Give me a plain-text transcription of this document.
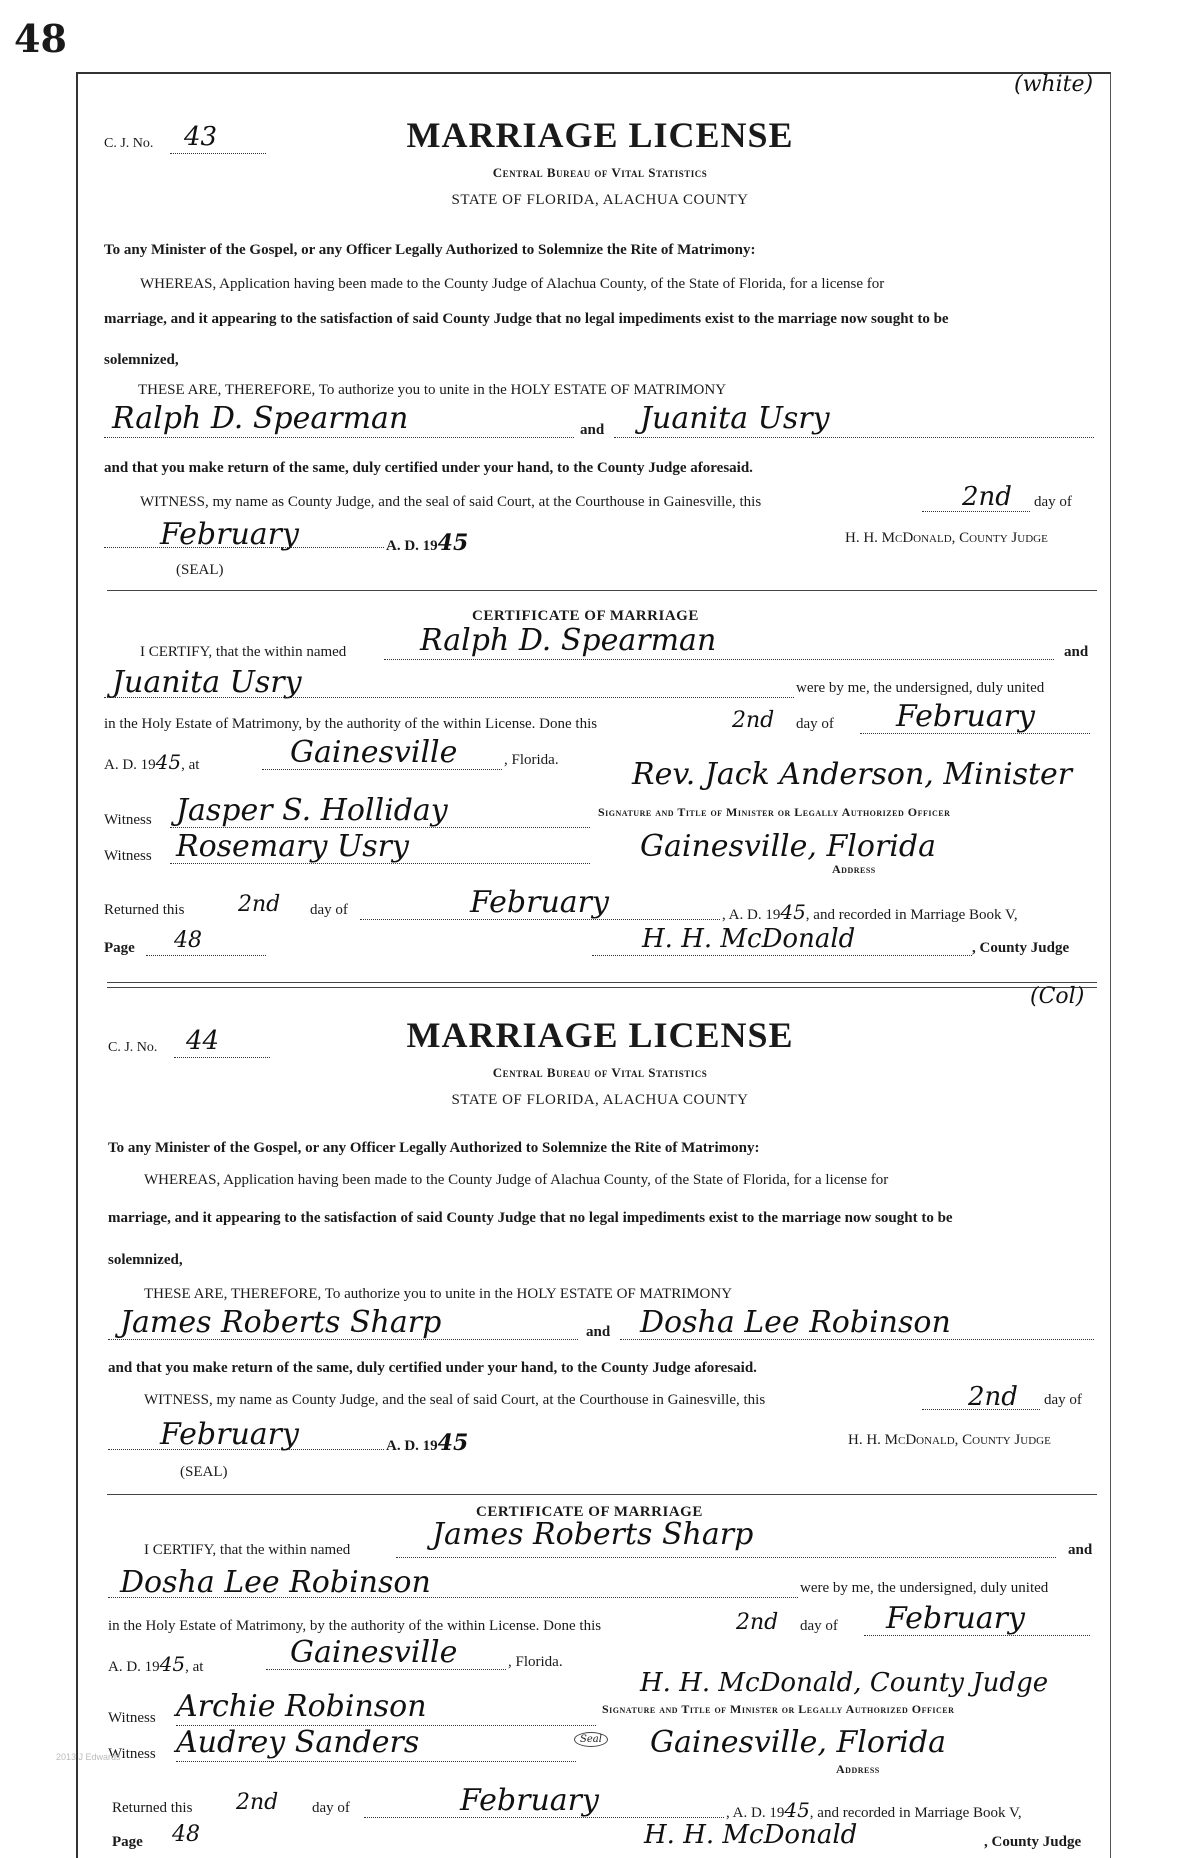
48
(white)
C. J. No. 43	MARRIAGE LICENSE
Central Bureau of Vital Statistics
STATE OF FLORIDA, ALACHUA COUNTY
To any Minister of the Gospel, or any Officer Legally Authorized to Solemnize the Rite of Matrimony:
WHEREAS, Application having been made to the County Judge of Alachua County, of the State of Florida, for a license for
marriage, and it appearing to the satisfaction of said County Judge that no legal impediments exist to the marriage now sought to be
solemnized,
THESE ARE, THEREFORE, To authorize you to unite in the HOLY ESTATE OF MATRIMONY
Ralph D. Spearman	and Juanita Usry
and that you make return of the same, duly certified under your hand, to the County Judge aforesaid.
WITNESS, my name as County Judge, and the seal of said Court, at the Courthouse in Gainesville, this	2nd day of
February	A. D. 1945	H. H. McDonald, County Judge
(SEAL)
CERTIFICATE OF MARRIAGE
I CERTIFY, that the within named Ralph D. Spearman	and
Juanita Usry	were by me, the undersigned, duly united
in the Holy Estate of Matrimony, by the authority of the within License. Done this	2nd day of February
A. D. 1945, at	Gainesville	, Florida. Rev. Jack Anderson, Minister
Witness Jasper S. Holliday	Signature and Title of Minister or Legally Authorized Officer
Witness Rosemary Usry	Gainesville, Florida
Address
Returned this 2nd day of	February	, A. D. 1945, and recorded in Marriage Book V,
Page 48	H. H. McDonald	, County Judge
(Col)
C. J. No. 44	MARRIAGE LICENSE
Central Bureau of Vital Statistics
STATE OF FLORIDA, ALACHUA COUNTY
To any Minister of the Gospel, or any Officer Legally Authorized to Solemnize the Rite of Matrimony:
WHEREAS, Application having been made to the County Judge of Alachua County, of the State of Florida, for a license for
marriage, and it appearing to the satisfaction of said County Judge that no legal impediments exist to the marriage now sought to be
solemnized,
THESE ARE, THEREFORE, To authorize you to unite in the HOLY ESTATE OF MATRIMONY
James Roberts Sharp	and Dosha Lee Robinson
and that you make return of the same, duly certified under your hand, to the County Judge aforesaid.
WITNESS, my name as County Judge, and the seal of said Court, at the Courthouse in Gainesville, this	2nd day of
February	A. D. 1945	H. H. McDonald, County Judge
(SEAL)
CERTIFICATE OF MARRIAGE
I CERTIFY, that the within named	James Roberts Sharp	and
Dosha Lee Robinson	were by me, the undersigned, duly united
in the Holy Estate of Matrimony, by the authority of the within License. Done this	2nd day of February
A. D. 1945, at	Gainesville	, Florida.
H. H. McDonald, County Judge
Witness Archie Robinson	Signature and Title of Minister or Legally Authorized Officer
Witness Audrey Sanders	Seal Gainesville, Florida
Address
Returned this 2nd day of	February	, A. D. 1945, and recorded in Marriage Book V,
Page 48	H. H. McDonald	, County Judge
2013 J Edwards
